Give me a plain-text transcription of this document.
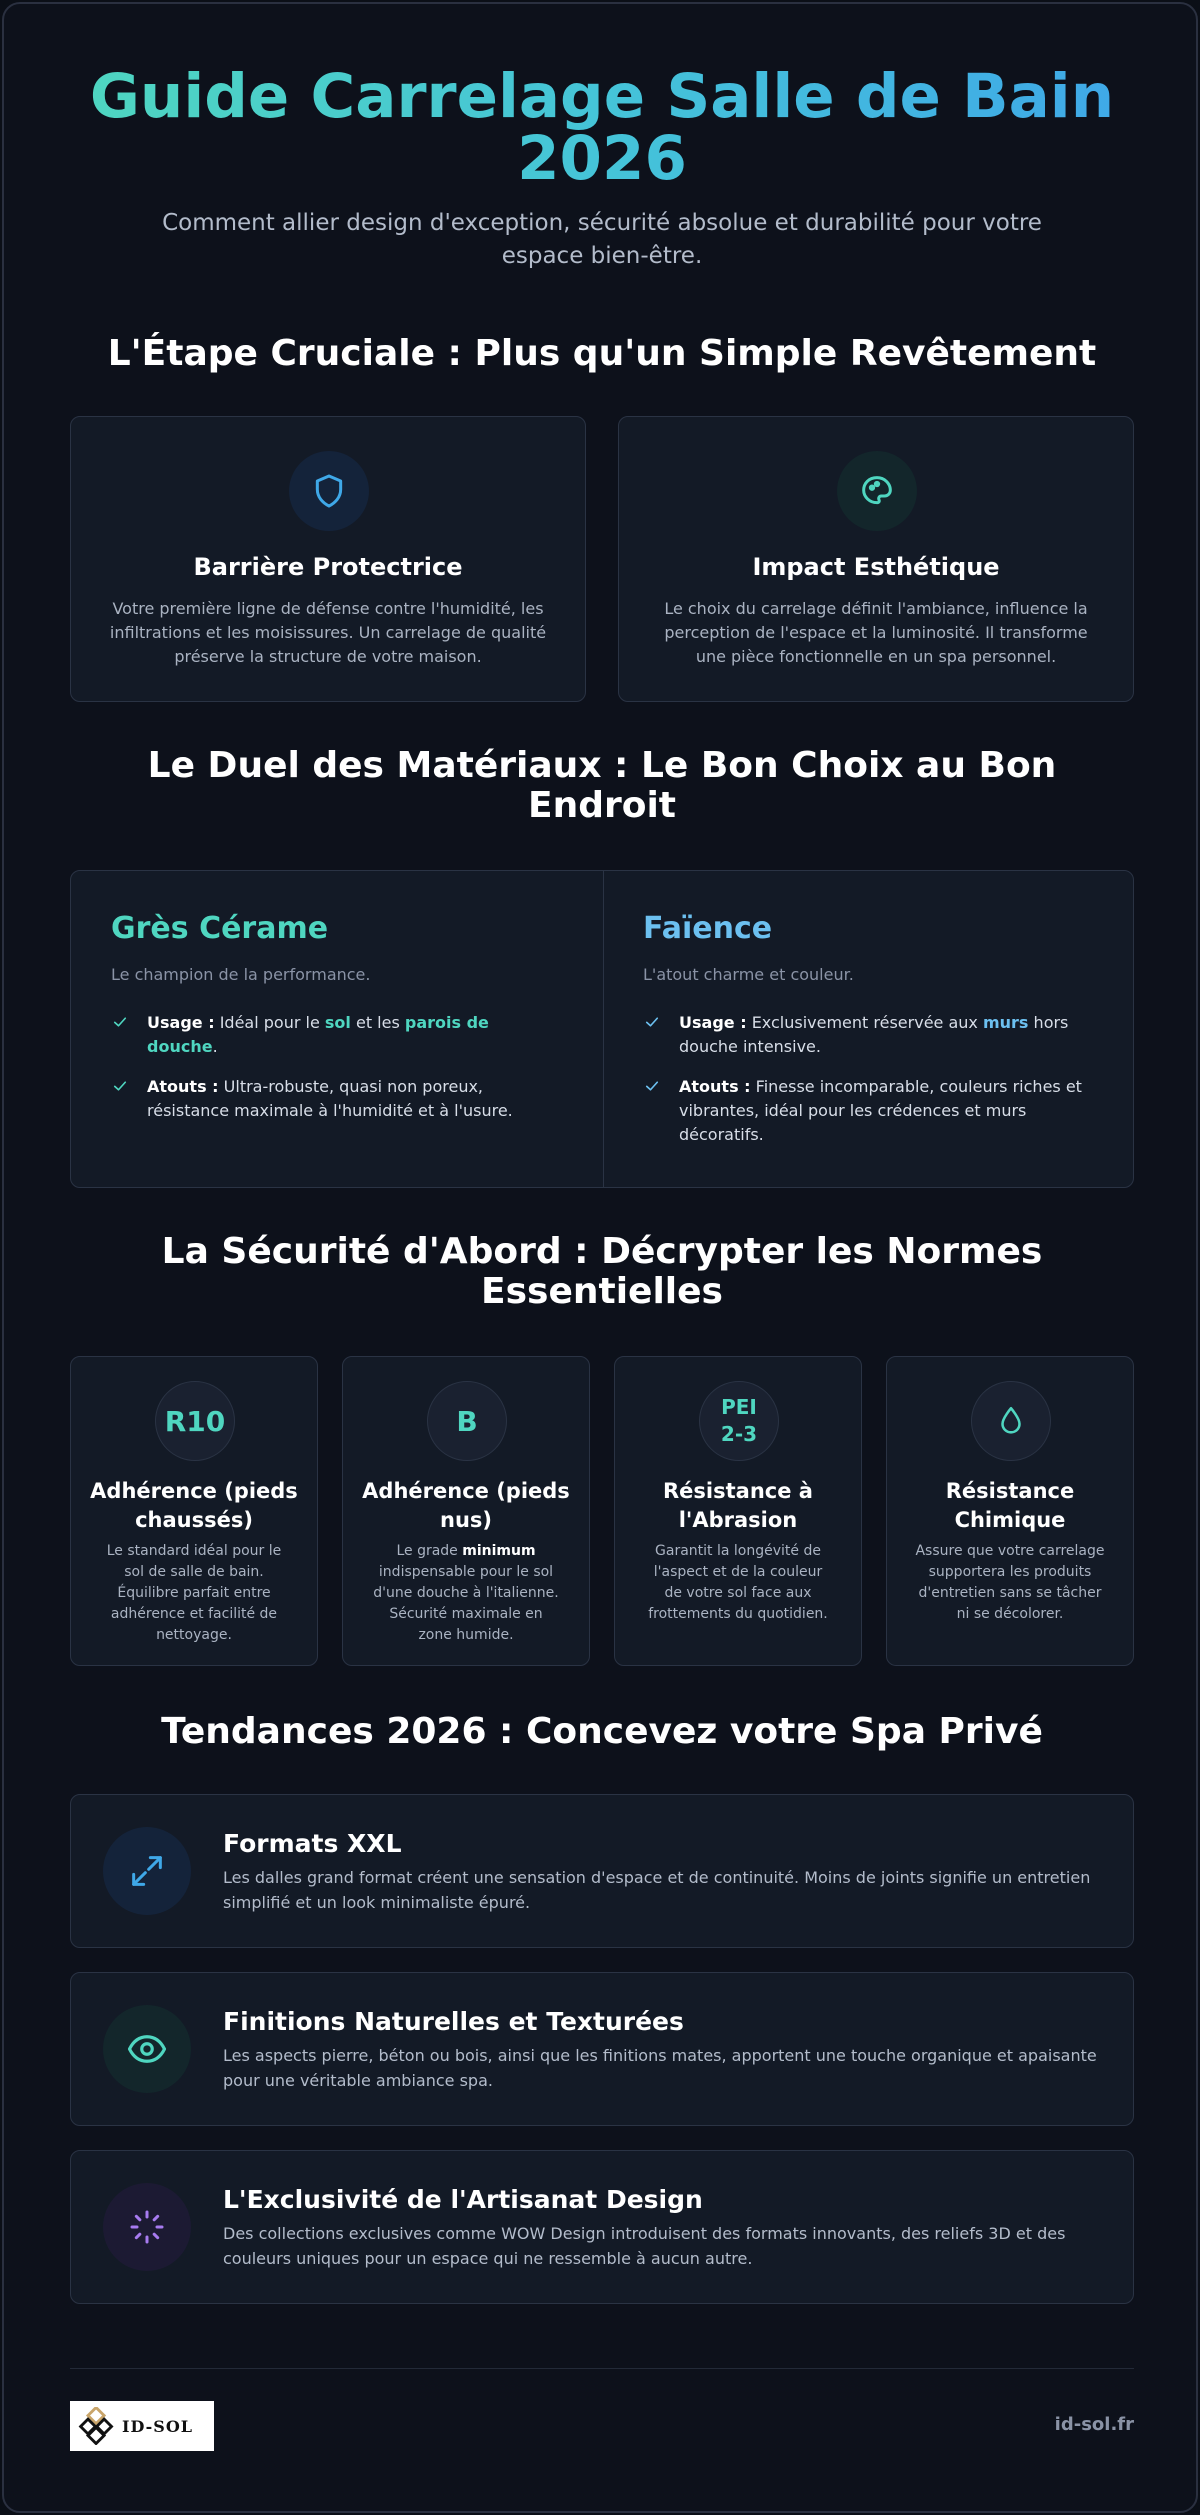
Guide Carrelage Salle de Bain
2026
Comment allier design d'exception, sécurité absolue et durabilité pour votre espace bien-être.
L'Étape Cruciale : Plus qu'un Simple Revêtement
Barrière Protectrice
Votre première ligne de défense contre l'humidité, les infiltrations et les moisissures. Un carrelage de qualité préserve la structure de votre maison.
Impact Esthétique
Le choix du carrelage définit l'ambiance, influence la perception de l'espace et la luminosité. Il transforme une pièce fonctionnelle en un spa personnel.
Le Duel des Matériaux : Le Bon Choix au Bon
Endroit
Grès Cérame
Le champion de la performance.
Usage : Idéal pour le sol et les parois de douche.
Atouts : Ultra-robuste, quasi non poreux, résistance maximale à l'humidité et à l'usure.
Faïence
L'atout charme et couleur.
Usage : Exclusivement réservée aux murs hors douche intensive.
Atouts : Finesse incomparable, couleurs riches et vibrantes, idéal pour les crédences et murs décoratifs.
La Sécurité d'Abord : Décrypter les Normes
Essentielles
R10
Adhérence (pieds chaussés)
Le standard idéal pour le sol de salle de bain. Équilibre parfait entre adhérence et facilité de nettoyage.
B
Adhérence (pieds nus)
Le grade minimum indispensable pour le sol d'une douche à l'italienne. Sécurité maximale en zone humide.
PEI 2-3
Résistance à l'Abrasion
Garantit la longévité de l'aspect et de la couleur de votre sol face aux frottements du quotidien.
Résistance Chimique
Assure que votre carrelage supportera les produits d'entretien sans se tâcher ni se décolorer.
Tendances 2026 : Concevez votre Spa Privé
Formats XXL
Les dalles grand format créent une sensation d'espace et de continuité. Moins de joints signifie un entretien simplifié et un look minimaliste épuré.
Finitions Naturelles et Texturées
Les aspects pierre, béton ou bois, ainsi que les finitions mates, apportent une touche organique et apaisante pour une véritable ambiance spa.
L'Exclusivité de l'Artisanat Design
Des collections exclusives comme WOW Design introduisent des formats innovants, des reliefs 3D et des couleurs uniques pour un espace qui ne ressemble à aucun autre.
ID-SOL	id-sol.fr
